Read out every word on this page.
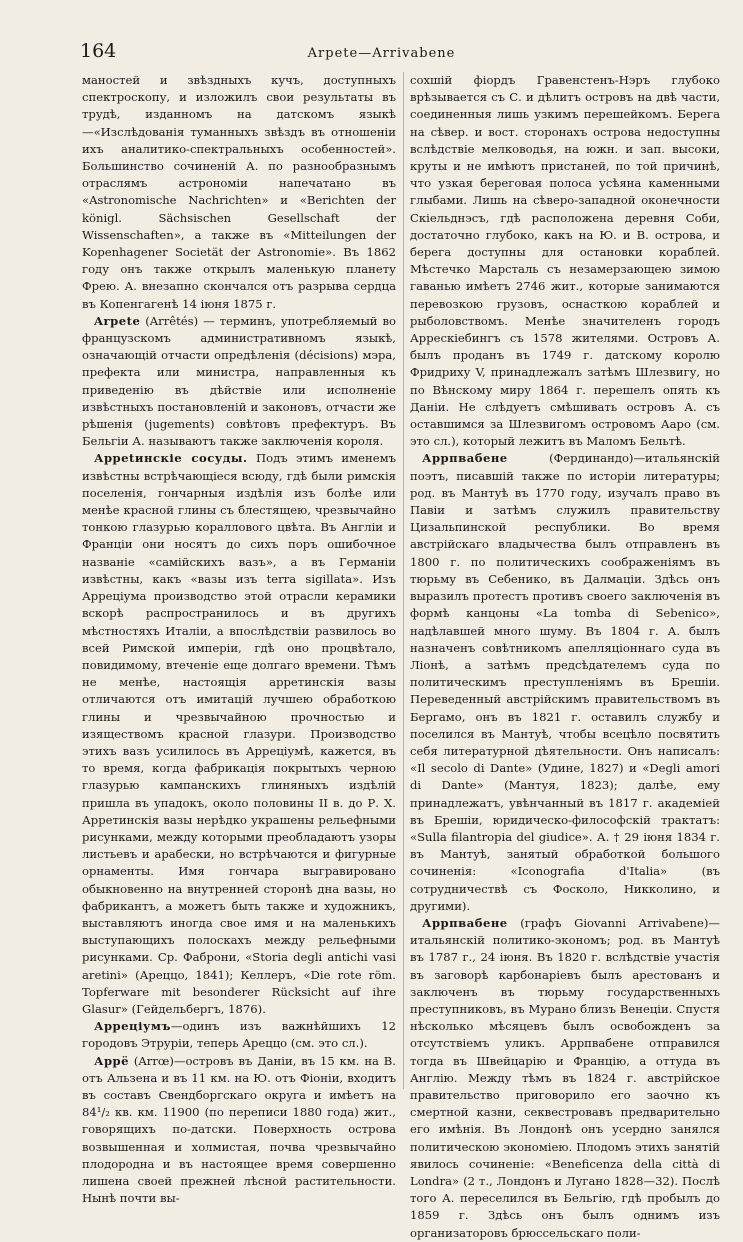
164	Arpete—Arrivabene

маностей и звѣздныхъ кучъ, доступныхъ спектроскопу, и изложилъ свои результаты въ трудѣ, изданномъ на датскомъ языкѣ—«Изслѣдованія туманныхъ звѣздъ въ отношеніи ихъ аналитико-спектральныхъ особенностей». Большинство сочиненій А. по разнообразнымъ отраслямъ астрономіи напечатано въ «Astronomische Nachrichten» и «Berichten der königl. Sächsischen Gesellschaft der Wissenschaften», а также въ «Mitteilungen der Kopenhagener Societät der Astronomie». Въ 1862 году онъ также открылъ маленькую планету Фрею. А. внезапно скончался отъ разрыва сердца въ Копенгагенѣ 14 іюня 1875 г.

Arpete (Arrêtés) — терминъ, употребляемый во французскомъ административномъ языкѣ, означающій отчасти опредѣленія (décisions) мэра, префекта или министра, направленныя къ приведенію въ дѣйствіе или исполненіе извѣстныхъ постановленій и законовъ, отчасти же рѣшенія (jugements) совѣтовъ префектуръ. Въ Бельгіи А. называютъ также заключенія короля.

Аррetинскіе сосуды. Подъ этимъ именемъ извѣстны встрѣчающіеся всюду, гдѣ были римскія поселенія, гончарныя издѣлія изъ болѣе или менѣе красной глины съ блестящею, чрезвычайно тонкою глазурью кораллового цвѣта. Въ Англіи и Франціи они носятъ до сихъ поръ ошибочное названіе «самійскихъ вазъ», а въ Германіи извѣстны, какъ «вазы изъ terra sigillata». Изъ Арреціума производство этой отрасли керамики вскорѣ распространилось и въ другихъ мѣстностяхъ Италіи, а впослѣдствіи развилось во всей Римской имперіи, гдѣ оно процвѣтало, повидимому, втеченіе еще долгаго времени. Тѣмъ не менѣе, настоящія арретинскія вазы отличаются отъ имитацій лучшею обработкою глины и чрезвычайною прочностью и изяществомъ красной глазури. Производство этихъ вазъ усилилось въ Арреціумѣ, кажется, въ то время, когда фабрикація покрытыхъ черною глазурью кампанскихъ глиняныхъ издѣлій пришла въ упадокъ, около половины II в. до Р. Х. Арретинскія вазы нерѣдко украшены рельефными рисунками, между которыми преобладаютъ узоры листьевъ и арабески, но встрѣчаются и фигурные орнаменты. Имя гончара выгравировано обыкновенно на внутренней сторонѣ дна вазы, но фабрикантъ, а можетъ быть также и художникъ, выставляютъ иногда свое имя и на маленькихъ выступающихъ полоскахъ между рельефными рисунками. Ср. Фаброни, «Storia degli antichi vasi aretini» (Ареццо, 1841); Келлеръ, «Die rote röm. Topferware mit besonderer Rücksicht auf ihre Glasur» (Гейдельбергъ, 1876).

Арреціумъ—одинъ изъ важнѣйшихъ 12 городовъ Этруріи, теперь Ареццо (см. это сл.).

Аррё (Arrœ)—островъ въ Даніи, въ 15 км. на В. отъ Альзена и въ 11 км. на Ю. отъ Фіоніи, входитъ въ составъ Свендборгскаго округа и имѣетъ на 84¹/₂ кв. км. 11900 (по переписи 1880 года) жит., говорящихъ по-датски. Поверхность острова возвышенная и холмистая, почва чрезвычайно плодородна и въ настоящее время совершенно лишена своей прежней лѣсной растительности. Нынѣ почти вы-

сохшій фіордъ Гравенстенъ-Нэръ глубоко врѣзывается съ С. и дѣлитъ островъ на двѣ части, соединенныя лишь узкимъ перешейкомъ. Берега на сѣвер. и вост. сторонахъ острова недоступны вслѣдствіе мелководья, на южн. и зап. высоки, круты и не имѣютъ пристаней, по той причинѣ, что узкая береговая полоса усѣяна каменными глыбами. Лишь на сѣверо-западной оконечности Скіельднэсъ, гдѣ расположена деревня Соби, достаточно глубоко, какъ на Ю. и В. острова, и берега доступны для остановки кораблей. Мѣстечко Марсталь съ незамерзающею зимою гаванью имѣетъ 2746 жит., которые занимаются перевозкою грузовъ, оснасткою кораблей и рыболовствомъ. Менѣе значителенъ городъ Аррескіебингъ съ 1578 жителями. Островъ А. былъ проданъ въ 1749 г. датскому королю Фридриху V, принадлежалъ затѣмъ Шлезвигу, но по Вѣнскому миру 1864 г. перешелъ опять къ Даніи. Не слѣдуетъ смѣшивать островъ А. съ оставшимся за Шлезвигомъ островомъ Ааро (см. это сл.), который лежитъ въ Маломъ Бельтѣ.

Аррпвабене (Фердинандо)—итальянскій поэтъ, писавшій также по исторіи литературы; род. въ Мантуѣ въ 1770 году, изучалъ право въ Павіи и затѣмъ служилъ правительству Цизальпинской республики. Во время австрійскаго владычества былъ отправленъ въ 1800 г. по политическихъ соображеніямъ въ тюрьму въ Себенико, въ Далмаціи. Здѣсь онъ выразилъ протестъ противъ своего заключенія въ формѣ канцоны «La tomba di Sebenico», надѣлавшей много шуму. Въ 1804 г. А. былъ назначенъ совѣтникомъ апелляціоннаго суда въ Ліонѣ, а затѣмъ предсѣдателемъ суда по политическимъ преступленіямъ въ Брешіи. Переведенный австрійскимъ правительствомъ въ Бергамо, онъ въ 1821 г. оставилъ службу и поселился въ Мантуѣ, чтобы всецѣло посвятить себя литературной дѣятельности. Онъ написалъ: «Il secolo di Dante» (Удине, 1827) и «Degli amori di Dante» (Мантуя, 1823); далѣе, ему принадлежатъ, увѣнчанный въ 1817 г. академіей въ Брешіи, юридическо-философскій трактатъ: «Sulla filantropia del giudice». А. † 29 іюня 1834 г. въ Мантуѣ, занятый обработкой большого сочиненія: «Iconografia d'Italia» (въ сотрудничествѣ съ Фосколо, Никколино, и другими).

Аррпвабене (графъ Giovanni Arrivabene)—итальянскій политико-экономъ; род. въ Мантуѣ въ 1787 г., 24 іюня. Въ 1820 г. вслѣдствіе участія въ заговорѣ карбонаріевъ былъ арестованъ и заключенъ въ тюрьму государственныхъ преступниковъ, въ Мурано близъ Венеціи. Спустя нѣсколько мѣсяцевъ былъ освобожденъ за отсутствіемъ уликъ. Аррпвабене отправился тогда въ Швейцарію и Францію, а оттуда въ Англію. Между тѣмъ въ 1824 г. австрійское правительство приговорило его заочно къ смертной казни, секвестровавъ предварительно его имѣнія. Въ Лондонѣ онъ усердно занялся политическою экономіею. Плодомъ этихъ занятій явилось сочиненіе: «Beneficenza della città di Londra» (2 т., Лондонъ и Лугано 1828—32). Послѣ того А. переселился въ Бельгію, гдѣ пробылъ до 1859 г. Здѣсь онъ былъ однимъ изъ организаторовъ брюссельскаго поли-
